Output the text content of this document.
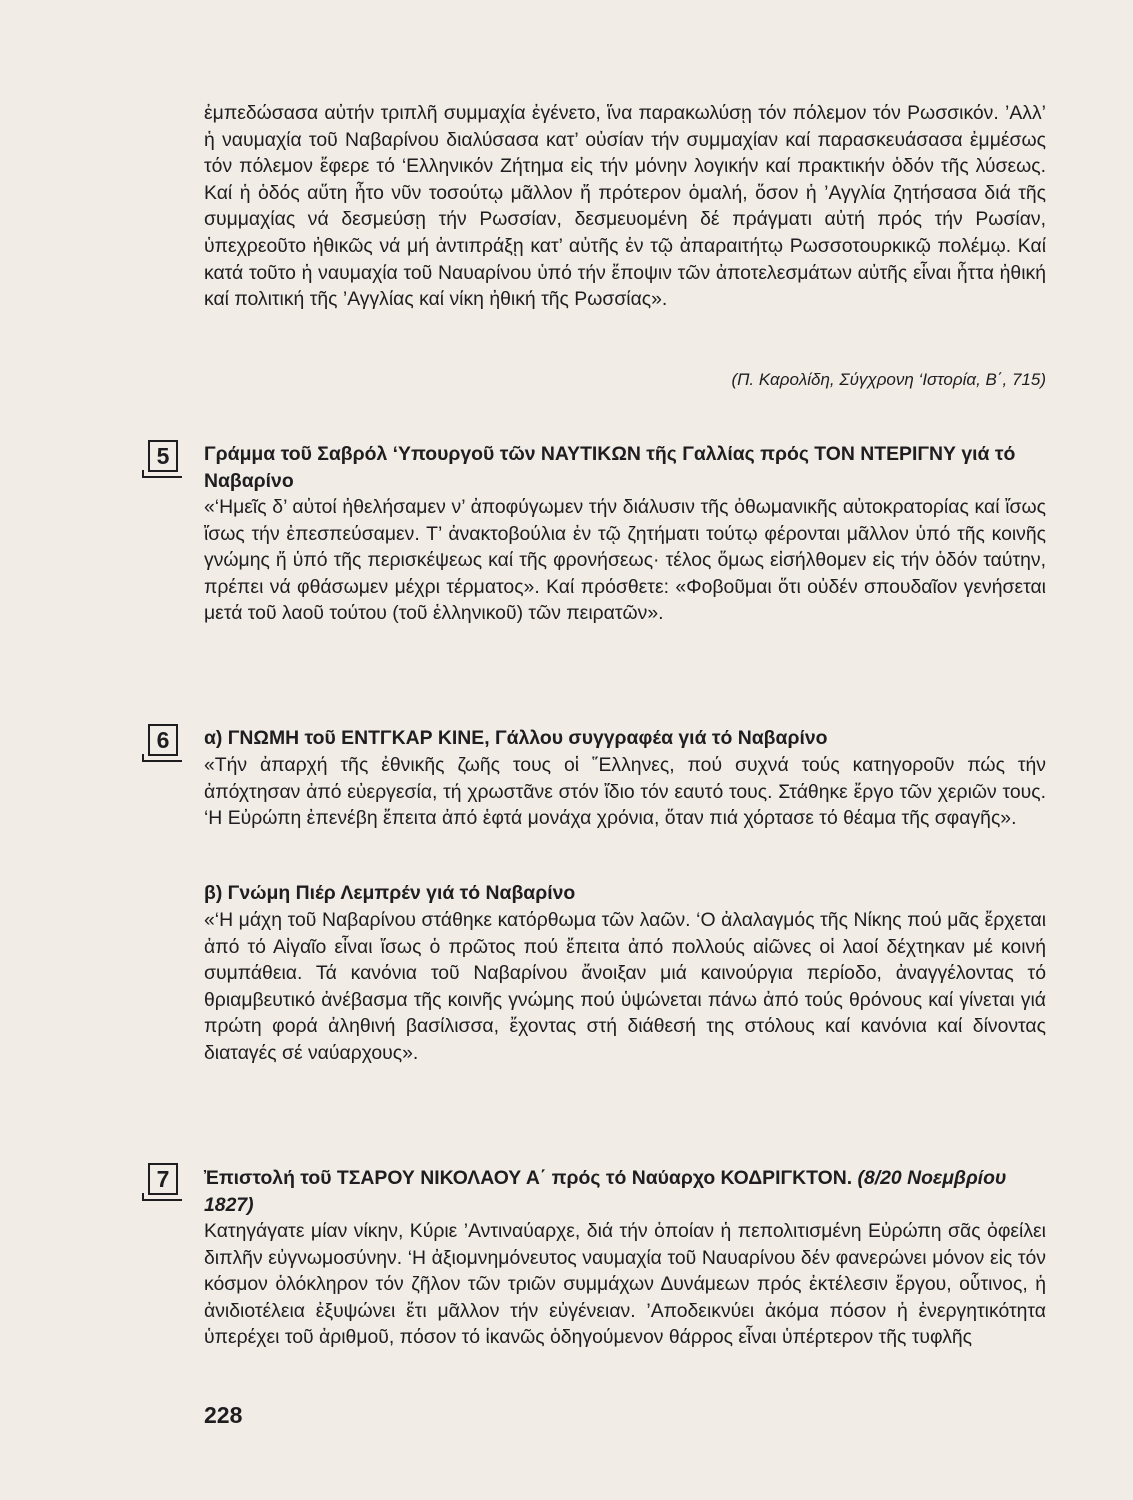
ἐμπεδώσασα αὐτήν τριπλῆ συμμαχία ἐγένετο, ἵνα παρακωλύσῃ τόν πόλεμον τόν Ρωσσικόν. ’Αλλ’ ἡ ναυμαχία τοῦ Ναβαρίνου διαλύσασα κατ’ οὐσίαν τήν συμμαχίαν καί παρασκευάσασα ἐμμέσως τόν πόλεμον ἔφερε τό ‘Ελληνικόν Ζήτημα εἰς τήν μόνην λογικήν καί πρακτικήν ὁδόν τῆς λύσεως. Καί ἡ ὁδός αὕτη ἦτο νῦν τοσούτῳ μᾶλλον ἤ πρότερον ὁμαλή, ὅσον ἡ ’Αγγλία ζητήσασα διά τῆς συμμαχίας νά δεσμεύσῃ τήν Ρωσσίαν, δεσμευομένη δέ πράγματι αὐτή πρός τήν Ρωσίαν, ὑπεχρεοῦτο ἠθικῶς νά μή ἀντιπράξῃ κατ’ αὐτῆς ἐν τῷ ἀπαραιτήτῳ Ρωσσοτουρκικῷ πολέμῳ. Καί κατά τοῦτο ἡ ναυμαχία τοῦ Ναυαρίνου ὑπό τήν ἔποψιν τῶν ἀποτελεσμάτων αὐτῆς εἶναι ἧττα ἠθική καί πολιτική τῆς ’Αγγλίας καί νίκη ἠθική τῆς Ρωσσίας».

(Π. Καρολίδη, Σύγχρονη ‘Ιστορία, Β΄, 715)

5	Γράμμα τοῦ Σαβρόλ ‘Υπουργοῦ τῶν ΝΑΥΤΙΚΩΝ τῆς Γαλλίας πρός ΤΟΝ ΝΤΕΡΙΓΝΥ γιά τό Ναβαρίνο

«‘Ημεῖς δ’ αὐτοί ἠθελήσαμεν ν’ ἀποφύγωμεν τήν διάλυσιν τῆς ὀθωμανικῆς αὐτοκρατορίας καί ἴσως ἴσως τήν ἐπεσπεύσαμεν. Τ’ ἀνακτοβούλια ἐν τῷ ζητήματι τούτῳ φέρονται μᾶλλον ὑπό τῆς κοινῆς γνώμης ἤ ὑπό τῆς περισκέψεως καί τῆς φρονήσεως· τέλος ὅμως εἰσήλθομεν εἰς τήν ὁδόν ταύτην, πρέπει νά φθάσωμεν μέχρι τέρματος». Καί πρόσθετε: «Φοβοῦμαι ὅτι οὐδέν σπουδαῖον γενήσεται μετά τοῦ λαοῦ τούτου (τοῦ ἑλληνικοῦ) τῶν πειρατῶν».

6	α) ΓΝΩΜΗ τοῦ ΕΝΤΓΚΑΡ ΚΙΝΕ, Γάλλου συγγραφέα γιά τό Ναβαρίνο

«Τήν ἀπαρχή τῆς ἐθνικῆς ζωῆς τους οἱ ῞Ελληνες, πού συχνά τούς κατηγοροῦν πώς τήν ἀπόχτησαν ἀπό εὐεργεσία, τή χρωστᾶνε στόν ἴδιο τόν εαυτό τους. Στάθηκε ἔργο τῶν χεριῶν τους. ‘Η Εὐρώπη ἐπενέβη ἔπειτα ἀπό ἑφτά μονάχα χρόνια, ὅταν πιά χόρτασε τό θέαμα τῆς σφαγῆς».

β) Γνώμη Πιέρ Λεμπρέν γιά τό Ναβαρίνο

«‘Η μάχη τοῦ Ναβαρίνου στάθηκε κατόρθωμα τῶν λαῶν. ‘Ο ἀλαλαγμός τῆς Νίκης πού μᾶς ἔρχεται ἀπό τό Αἰγαῖο εἶναι ἴσως ὁ πρῶτος πού ἔπειτα ἀπό πολλούς αἰῶνες οἱ λαοί δέχτηκαν μέ κοινή συμπάθεια. Τά κανόνια τοῦ Ναβαρίνου ἄνοιξαν μιά καινούργια περίοδο, ἀναγγέλοντας τό θριαμβευτικό ἀνέβασμα τῆς κοινῆς γνώμης πού ὑψώνεται πάνω ἀπό τούς θρόνους καί γίνεται γιά πρώτη φορά ἀληθινή βασίλισσα, ἔχοντας στή διάθεσή της στόλους καί κανόνια καί δίνοντας διαταγές σέ ναύαρχους».

7	Ἐπιστολή τοῦ ΤΣΑΡΟΥ ΝΙΚΟΛΑΟΥ Α΄ πρός τό Ναύαρχο ΚΟΔΡΙΓΚΤΟΝ. (8/20 Νοεμβρίου 1827)

Κατηγάγατε μίαν νίκην, Κύριε ’Αντιναύαρχε, διά τήν ὁποίαν ἡ πεπολιτισμένη Εὐρώπη σᾶς ὀφείλει διπλῆν εὐγνωμοσύνην. ‘Η ἀξιομνημόνευτος ναυμαχία τοῦ Ναυαρίνου δέν φανερώνει μόνον εἰς τόν κόσμον ὁλόκληρον τόν ζῆλον τῶν τριῶν συμμάχων Δυνάμεων πρός ἐκτέλεσιν ἔργου, οὗτινος, ἡ ἀνιδιοτέλεια ἐξυψώνει ἔτι μᾶλλον τήν εὐγένειαν. ’Αποδεικνύει ἀκόμα πόσον ἡ ἐνεργητικότητα ὑπερέχει τοῦ ἀριθμοῦ, πόσον τό ἱκανῶς ὁδηγούμενον θάρρος εἶναι ὑπέρτερον τῆς τυφλῆς

228
